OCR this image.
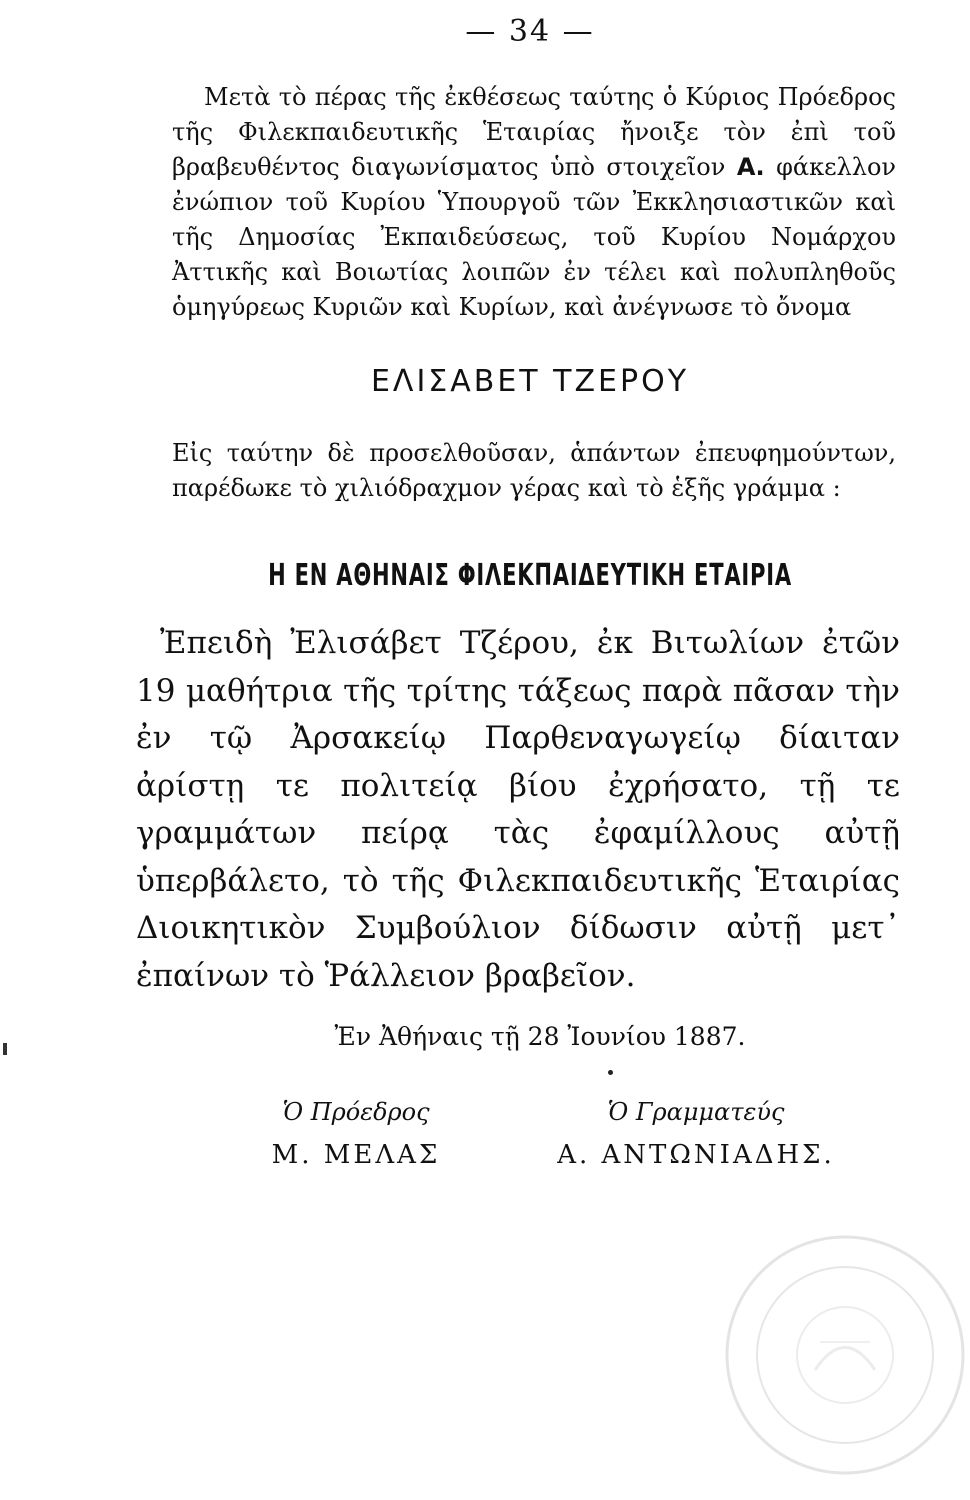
— 34 —

Μετὰ τὸ πέρας τῆς ἐκθέσεως ταύτης ὁ Κύριος Πρόεδρος τῆς Φιλεκπαιδευτικῆς Ἑταιρίας ἤνοιξε τὸν ἐπὶ τοῦ βραβευθέντος διαγωνίσματος ὑπὸ στοιχεῖον Α. φάκελλον ἐνώπιον τοῦ Κυρίου Ὑπουργοῦ τῶν Ἐκκλησιαστικῶν καὶ τῆς Δημοσίας Ἐκπαιδεύσεως, τοῦ Κυρίου Νομάρχου Ἀττικῆς καὶ Βοιωτίας λοιπῶν ἐν τέλει καὶ πολυπληθοῦς ὁμηγύρεως Κυριῶν καὶ Κυρίων, καὶ ἀνέγνωσε τὸ ὄνομα

ΕΛΙΣΑΒΕΤ ΤΖΕΡΟΥ

Εἰς ταύτην δὲ προσελθοῦσαν, ἁπάντων ἐπευφημούντων, παρέδωκε τὸ χιλιόδραχμον γέρας καὶ τὸ ἑξῆς γράμμα :

Η ΕΝ ΑΘΗΝΑΙΣ ΦΙΛΕΚΠΑΙΔΕΥΤΙΚΗ ΕΤΑΙΡΙΑ

Ἐπειδὴ Ἐλισάβετ Τζέρου, ἐκ Βιτωλίων ἐτῶν 19 μαθήτρια τῆς τρίτης τάξεως παρὰ πᾶσαν τὴν ἐν τῷ Ἀρσακείῳ Παρθεναγωγείῳ δίαιταν ἀρίστῃ τε πολιτείᾳ βίου ἐχρήσατο, τῇ τε γραμμάτων πείρᾳ τὰς ἐφαμίλλους αὐτῇ ὑπερβάλετο, τὸ τῆς Φιλεκπαιδευτικῆς Ἑταιρίας Διοικητικὸν Συμβούλιον δίδωσιν αὐτῇ μετ᾽ ἐπαίνων τὸ Ῥάλλειον βραβεῖον.

Ἐν Ἀθήναις τῇ 28 Ἰουνίου 1887.

Ὁ Πρόεδρος

Μ. ΜΕΛΑΣ

Ὁ Γραμματεύς

Α. ΑΝΤΩΝΙΑΔΗΣ.
